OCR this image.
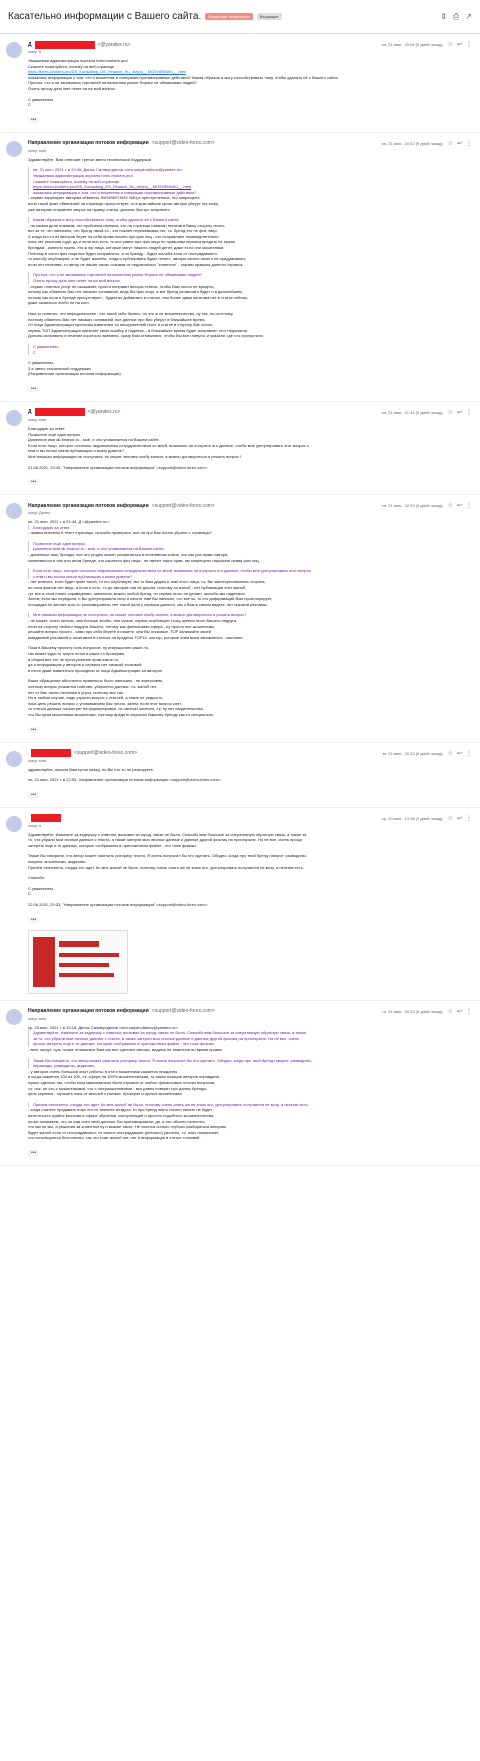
Касательно информации с Вашего сайта.	Входящие: вопросные	Входящие	⇕ ⎙ ↗
Д	<@yandex.ru>	пн, 21 июн., 20:04 (9 дней назад) ☆ ↩ ⋮
кому: я

Уважаемая администрация портала forex-brokers.pro!

Скажите пожалуйста, почему на веб-странице

https://forex-brokers.pro/DS_Konsalting_DS_Finance_Ru_otzyvy__MOSHENNIKI__.html

оказалась информация о том, что я мошенник и совершаю противоправные действия? Каким образом я могу способствовать тому, чтобы удалить её с Вашего сайта.

Притом, что я не занимаюсь торговлей на валютном рынке Форекс не обманываю людей?

Очень прошу дать мне ответ на на мой вопрос.

С уважением,

С

•••
Направление организации потоков информации <support@video-forex.com>	пн, 21 июн., 20:42 (9 дней назад) ☆ ↩ ⋮
кому: мне

Здравствуйте. Вам отвечает третье звено технической поддержки

пн, 21 июн. 2021 г. в 20:06, Денис Салмкутдинов <den.salyahutdinov@yandex.ru>:

Уважаемая администрация портала forex-brokers.pro!

Скажите пожалуйста, почему на веб-странице

https://forex-brokers.pro/DS_Konsalting_DS_Finance_Ru_otzyvy__MOSHENNIKI__.html

оказалась информация о том, что я мошенник и совершаю противоправные действия?

- сервис запрещает авторам обвинять ФИЗИЧЕСКИХ ЛИЦ в преступлениях, это запрещено,

если такой факт обвинений на странице присутствует, то в кратчайшие сроки авторы уберут эту инфу

уже авторам отправлен запрос на правку статьи, должны быстро исправить

Каким образом я могу способствовать тому, чтобы удалить её с Вашего сайта.

- на самом деле никаким, это проблема сервиса, что на странице написан негатив в Вашу сторону лично,

вот за то, что написано, что бренд такой-то - это поклеп пережевывая нет, т.к. бренд это не физ лицо.

А когда кто-то из авторов берет на себя право писать про физ лиц - это исправляют незамедлительно,

пока нет решения суда, да и если оно есть, то все равно про физ лицо по правилам сервиса вредить не нужно,

брендам - конечно нужно, это ж юр лица, которые могут лишить людей денег, даже если они мошенники.

Поэтому в части физ лица все будет исправлено, а по бренду - будет жалоба если от пострадавшего,

то жалобу опубликуют, а не будет жалобы, тогда и публиковать будет нечего, авторы своего ничего не придумывают,

если нет негатива, то автор не пишет своих отзывов от недовольных "клиентов" - таковы правила данного сервиса.

Притом, что я не занимаюсь торговлей на валютном рынке Форекс не обманываю людей?

Очень прошу дать мне ответ на на мой вопрос.

- сервис платных услуг не оказывает, просто исправят авторы статью, чтобы Вам лично не вредить,

потому как обвинять Вас нет никаких оснований, ведь Вы физ лицо, а вот бренд упоминать будет и в дальнейшем,

потому как если в бренде присутствуют - будем их добавлять в статью, тем более дама негатива нет в статье сейчас,

даже сказаться особо не на кого.

Нам-то понятно, что инфоцыганство - это такой себе бизнес, но это ж не мошенничество, ну так, по-честному,

поэтому обвинять Вас нет никаких оснований, все данные про Вас уберут в ближайшее время.

От лица Администрации приносим извинение за некорректный текст в статье в сторону Вас лично,

сервис ТОП Администрация признает свою ошибку и надеюсь - в ближайшее время будет исправлен этот недосмотр.

Должны исправить в течение короткого времени, сразу Вам отпишемся, чтобы Вы все глянули, и указали, где что пропустили.

С уважением,

С

С уважением,

3-е звено технической поддержки

(Направление организации потоков информации)

•••
Д	<@yandex.ru>	пн, 21 июн., 21:44 (9 дней назад) ☆ ↩ ⋮
кому: мне

Благодарю за ответ.

Позвольте ещё один вопрос.

Доменное имя dk-finance.ru - моё, и оно упоминается на Вашем сайте.

Если есть лицо, которое осталось недовольным сотрудничеством со мной, возможно ли получить его данные, чтобы мне урегулировать этот вопрос с

ним и вы потом сняли публикацию о моем домене?

Мне никакая информация не поступала, но может человек злобу затаил, а можно договориться и решить вопрос?

21.06.2021, 20:43, "Направление организации потоков информации" <support@video-forex.com>:

•••
Направление организации потоков информации <support@video-forex.com>	пн, 21 июн., 22:53 (9 дней назад) ☆ ↩ ⋮
кому: Денис

пн, 21 июн. 2021 г. в 21:44, Д <@yandex.ru>:

Благодарю за ответ.

- правки внесены в текст страницы, просьба проверить, все ли про Вас лично убрали с страницы?

Позвольте ещё один вопрос.

Доменное имя dk-finance.ru - моё, и оно упоминается на Вашем сайте.

- доменные имя, бренды, все что угодно может упоминаться в негативном ключе, это как раз право автора,

сомневаться в том или ином бренде, что касается физ лица - не имеют таких прав, им запрещено нарушать права физ лиц.

Если есть лицо, которое осталось недовольным сотрудничеством со мной, возможно ли получить его данные, чтобы мне урегулировать этот вопрос

с ним и вы потом сняли публикацию о моем домене?

- нет конечно, если будет факт такой, то его опубликует, мы то Вам дадим e-mail этого лица, т.к. Вы заинтересованная сторона,

но пока фактов нет ведь, а если и есть, то до авторов они не дошли, поэтому за жалоб - нет публикации этих жалоб,

тут все в этом плане справедливо, заплатить можно любой бренд, но сервис этого не делает, жалобы мы надеемся.

Затем, если мы передали, и Вы урегулировали спор и клиент нам Вы написал, что все ок, то его диффамаций Вам проигнорирует,

площадка не желает кого-то рекламировать, нет такой цели у сервиса данного, мы к Вам в самом видете, нет никакой рекламы.

Мне никакая информация не поступала, но может человек злобу затаил, а можно договориться и решить вопрос?

- не может, точно нельзя, чем больше злобы, тем лучше, сервис опубликует точку зрения этого Вашего недруга,

если на сторону любого недруга Вашего, потому как финансовая сфера - ну просто все мошенники,

решайте вопрос просто - сами про себя берете и пишете, кем Вы отказные. ТОР занимайте своей

имиджевой рекламой и позитивом в статьях на пределы ТОР10, контор, которые этим всем занимаются - миллион.

Пока в Вашему проекту ноль вопросов, ну инфоцыгане какие-то,

так может куда-то ткнуть поток в каких-то брокерам,

в общем все это не преступление прям какое-то,

да и информацию у авторов и сервиса нет никакой толковой,

в итоге даже извиниться просидели от лица Администрации за авторов.

Ваше обращение абсолютно правильно было написано - не агрессивно,

поэтому вопрос решается пайтово, убирается данные, т.к. жалоб нет,

нет от Вас лично негатива и угроз, поэтому все так.

Но в любом случае, надо утрясти вопрос с статьей, а такие не редкость,

пока цель решить вопрос с упоминанием Вас лично, затем, если этот вопрос снят,

то статью дальше посмотрят на формулировки, их смягчат конечно, т.к. ну нет свидетельства,

что Вы прям мошенники-мошенники, поэтому вредить серьезно Вашему бренду как-то специально.

•••
<support@video-forex.com>	вт, 22 июн., 20:32 (8 дней назад) ☆ ↩ ⋮
кому: мне

здравствуйте, писали Вам сутки назад, но Вы что-то не реагируете.

пн, 21 июн. 2021 г. в 22:53, Направление организации потоков информации <support@video-forex.com>:

•••
ср, 23 июн., 13:18 (7 дней назад) ☆ ↩ ⋮
кому: я

Здравствуйте. Извините за задержку с ответом, вызывал за город, связи не было. Спасибо вам большое за оперативную обратную связь, а также за

то, что убрали мои личные данные с текста, а также затерли мои личные данные и данные другой физлиц на приоткрыне. Но не все, очень прошу

затереть ещё и те данные, которые отображены в приложенном файле - это тоже физики.

Также Вы говорили, что автор может смягчить риторику текста. Я очень попросил бы это сделать. Обидно, когда про твой бренд говорят: разводилы,

покупки, мошенники, жидатово.

Причём непонятно, откуда это идет. Ко мне жалоб не было, поэтому очень опять же не знаю это, урегулировать получается не могу, а негатив есть.

Спасибо.

С уважением,

С

22.06.2021, 20:33, "Направление организации потоков информации" <support@video-forex.com>:

•••
Направление организации потоков информации <support@video-forex.com>	чт, 24 июн., 00:33 (6 дней назад) ☆ ↩ ⋮
кому: мне

ср, 23 июн. 2021 г. в 13:18, Денис Салмкутдинов <den.salyahutdinov@yandex.ru>:

Здравствуйте. Извините за задержку с ответом, вызывал за город, связи не было. Спасибо вам большое за оперативную обратную связь, а также

за то, что убрали мои личные данные с текста, а также затерли мои личные данные и данные другой физлиц на приоткрыне. Но не все, очень

прошу затереть ещё и те данные, которые отображены в приложенном файле - это тоже физики.

- всех затрут, чуть позже отпишемся Вам как все сделают авторы, видимо не заметили во время правок.

Также Вы говорили, что автор может смягчить риторику текста. Я очень попросил бы это сделать. Обидно, когда про твой бренд говорят: разводилы,

пирамиды, разводилы, жидатово.

- у авторов очень большой опыт работы, в этого мошенники скажется нежданно,

и когда скажется 100 из 100, т.к. сфера на 100% мошенническая, то такая позиция авторов оправдана,

нужно сделать так, чтобы пока максимально было отрывов от любых финансовых плохих вопросов,

т.к. пок. он что-с мошенниками, что с полумошенниками - вся равно поверят про данны бренды,

цель сервиса - отразить пока от мыслей о рынках, брокерах и прочих мошенниках.

Причем непонятно, откуда это идет. Ко мне жалоб не было, поэтому очень опять же не знаю это, урегулировать получается не могу, а негатив есть.

- когда станете продавать пока что-то тяжелее воздуха, то про бренд никто ничего писать не будет,

патентность крайне высокая в сфере обучения, консультаций и прочего подобного мошенничества,

ни же понимаем, что он сам спел свой диплом. Вы приномировали, да, и это обычно нечестно,

что мы не мы, а решения за клиентом ну и всякие такое. Не хочется сильно глубоко разбираться авторам,

будет жалоб если от пострадавшего, то значит пострадавшие (реально) расчеты, т.к. поко помыномет,

что используются бесполезно, так что тоже жалоб нет, нет и информации в статье толковой.

•••
